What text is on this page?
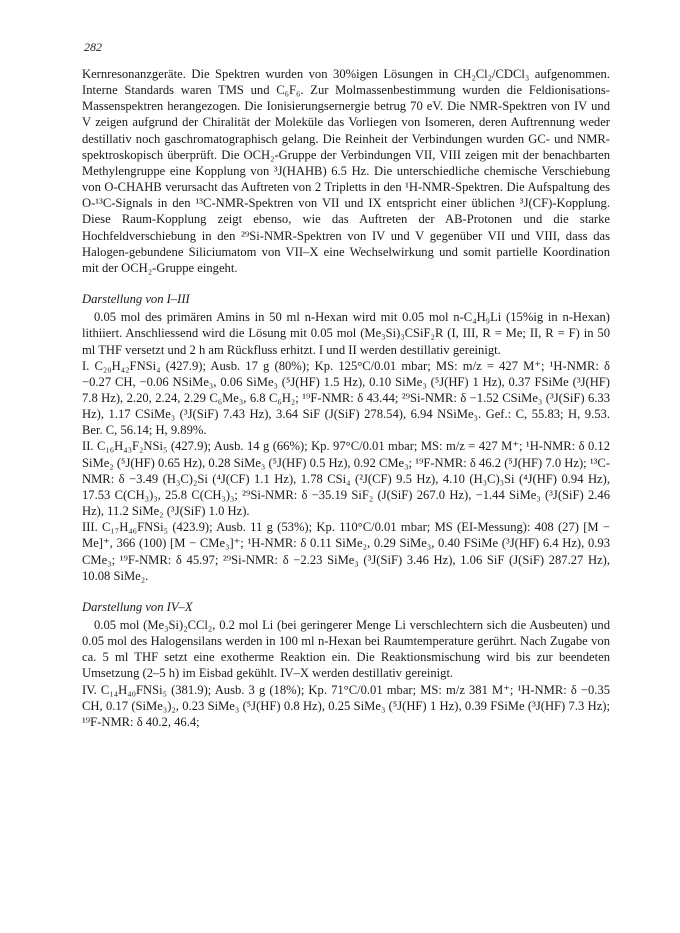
282

Kernresonanzgeräte. Die Spektren wurden von 30%igen Lösungen in CH₂Cl₂/CDCl₃ aufgenommen. Interne Standards waren TMS und C₆F₆. Zur Molmassenbestimmung wurden die Feldionisations-Massenspektren herangezogen. Die Ionisierungsernergie betrug 70 eV. Die NMR-Spektren von IV und V zeigen aufgrund der Chiralität der Moleküle das Vorliegen von Isomeren, deren Auftrennung weder destillativ noch gaschromatographisch gelang. Die Reinheit der Verbindungen wurden GC- und NMR-spektroskopisch überprüft. Die OCH₂-Gruppe der Verbindungen VII, VIII zeigen mit der benachbarten Methylengruppe eine Kopplung von ³J(HAHB) 6.5 Hz. Die unterschiedliche chemische Verschiebung von O-CHAHB verursacht das Auftreten von 2 Tripletts in den ¹H-NMR-Spektren. Die Aufspaltung des O-¹³C-Signals in den ¹³C-NMR-Spektren von VII und IX entspricht einer üblichen ³J(CF)-Kopplung. Diese Raum-Kopplung zeigt ebenso, wie das Auftreten der AB-Protonen und die starke Hochfeldverschiebung in den ²⁹Si-NMR-Spektren von IV und V gegenüber VII und VIII, dass das Halogen-gebundene Siliciumatom von VII–X eine Wechselwirkung und somit partielle Koordination mit der OCH₂-Gruppe eingeht.

Darstellung von I–III

0.05 mol des primären Amins in 50 ml n-Hexan wird mit 0.05 mol n-C₄H₉Li (15%ig in n-Hexan) lithiiert. Anschliessend wird die Lösung mit 0.05 mol (Me₃Si)₃CSiF₂R (I, III, R = Me; II, R = F) in 50 ml THF versetzt und 2 h am Rückfluss erhitzt. I und II werden destillativ gereinigt.

I. C₂₀H₄₂FNSi₄ (427.9); Ausb. 17 g (80%); Kp. 125°C/0.01 mbar; MS: m/z = 427 M⁺; ¹H-NMR: δ −0.27 CH, −0.06 NSiMe₃, 0.06 SiMe₃ (⁵J(HF) 1.5 Hz), 0.10 SiMe₃ (⁵J(HF) 1 Hz), 0.37 FSiMe (³J(HF) 7.8 Hz), 2.20, 2.24, 2.29 C₆Me₃, 6.8 C₆H₂; ¹⁹F-NMR: δ 43.44; ²⁹Si-NMR: δ −1.52 CSiMe₃ (³J(SiF) 6.33 Hz), 1.17 CSiMe₃ (³J(SiF) 7.43 Hz), 3.64 SiF (J(SiF) 278.54), 6.94 NSiMe₃. Gef.: C, 55.83; H, 9.53. Ber. C, 56.14; H, 9.89%.

II. C₁₆H₄₃F₂NSi₅ (427.9); Ausb. 14 g (66%); Kp. 97°C/0.01 mbar; MS: m/z = 427 M⁺; ¹H-NMR: δ 0.12 SiMe₂ (⁵J(HF) 0.65 Hz), 0.28 SiMe₃ (⁵J(HF) 0.5 Hz), 0.92 CMe₃; ¹⁹F-NMR: δ 46.2 (⁵J(HF) 7.0 Hz); ¹³C-NMR: δ −3.49 (H₃C)₂Si (⁴J(CF) 1.1 Hz), 1.78 CSi₄ (²J(CF) 9.5 Hz), 4.10 (H₃C)₃Si (⁴J(HF) 0.94 Hz), 17.53 C(CH₃)₃, 25.8 C(CH₃)₃; ²⁹Si-NMR: δ −35.19 SiF₂ (J(SiF) 267.0 Hz), −1.44 SiMe₃ (³J(SiF) 2.46 Hz), 11.2 SiMe₂ (³J(SiF) 1.0 Hz).

III. C₁₇H₄₆FNSi₅ (423.9); Ausb. 11 g (53%); Kp. 110°C/0.01 mbar; MS (EI-Messung): 408 (27) [M − Me]⁺, 366 (100) [M − CMe₃]⁺; ¹H-NMR: δ 0.11 SiMe₂, 0.29 SiMe₃, 0.40 FSiMe (³J(HF) 6.4 Hz), 0.93 CMe₃; ¹⁹F-NMR: δ 45.97; ²⁹Si-NMR: δ −2.23 SiMe₃ (³J(SiF) 3.46 Hz), 1.06 SiF (J(SiF) 287.27 Hz), 10.08 SiMe₂.

Darstellung von IV–X

0.05 mol (Me₃Si)₂CCl₂, 0.2 mol Li (bei geringerer Menge Li verschlechtern sich die Ausbeuten) und 0.05 mol des Halogensilans werden in 100 ml n-Hexan bei Raumtemperature gerührt. Nach Zugabe von ca. 5 ml THF setzt eine exotherme Reaktion ein. Die Reaktionsmischung wird bis zur beendeten Umsetzung (2–5 h) im Eisbad gekühlt. IV–X werden destillativ gereinigt.

IV. C₁₄H₄₀FNSi₅ (381.9); Ausb. 3 g (18%); Kp. 71°C/0.01 mbar; MS: m/z 381 M⁺; ¹H-NMR: δ −0.35 CH, 0.17 (SiMe₃)₂, 0.23 SiMe₃ (⁵J(HF) 0.8 Hz), 0.25 SiMe₃ (⁵J(HF) 1 Hz), 0.39 FSiMe (³J(HF) 7.3 Hz); ¹⁹F-NMR: δ 40.2, 46.4;
